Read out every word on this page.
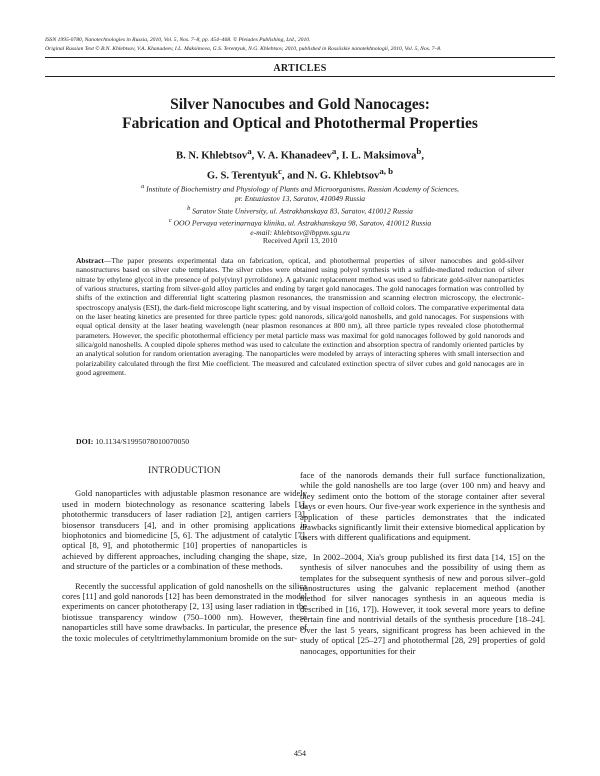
ISSN 1995-0780, Nanotechnologies in Russia, 2010, Vol. 5, Nos. 7–8, pp. 454–468. © Pleiades Publishing, Ltd., 2010.
Original Russian Text © B.N. Khlebtsov, V.A. Khanadeev, I.L. Maksimova, G.S. Terentyuk, N.G. Khlebtsov, 2010, published in Rossiiskie nanotekhnologii, 2010, Vol. 5, Nos. 7–8.
ARTICLES
Silver Nanocubes and Gold Nanocages:
Fabrication and Optical and Photothermal Properties
B. N. Khlebtsov$^a$, V. A. Khanadeev$^a$, I. L. Maksimova$^b$,
G. S. Terentyuk$^c$, and N. G. Khlebtsov$^{a, b}$
$^a$ Institute of Biochemistry and Physiology of Plants and Microorganisms, Russian Academy of Sciences,
pr. Entuziastov 13, Saratov, 410049 Russia
$^b$ Saratov State University, ul. Astrakhanskaya 83, Saratov, 410012 Russia
$^c$ OOO Pervaya veterinarnaya klinika, ul. Astrakhanskaya 98, Saratov, 410012 Russia
e-mail: khlebtsov@ibppm.sgu.ru
Received April 13, 2010
Abstract—The paper presents experimental data on fabrication, optical, and photothermal properties of silver nanocubes and gold-silver nanostructures based on silver cube templates. The silver cubes were obtained using polyol synthesis with a sulfide-mediated reduction of silver nitrate by ethylene glycol in the presence of poly(vinyl pyrrolidone). A galvanic replacement method was used to fabricate gold-silver nanoparticles of various structures, starting from silver-gold alloy particles and ending by target gold nanocages. The gold nanocages formation was controlled by shifts of the extinction and differential light scattering plasmon resonances, the transmission and scanning electron microscopy, the electronic-spectroscopy analysis (ESI), the dark-field microscope light scattering, and by visual inspection of colloid colors. The comparative experimental data on the laser heating kinetics are presented for three particle types: gold nanorods, silica/gold nanoshells, and gold nanocages. For suspensions with equal optical density at the laser heating wavelength (near plasmon resonances at 800 nm), all three particle types revealed close photothermal parameters. However, the specific photothermal efficiency per metal particle mass was maximal for gold nanocages followed by gold nanorods and silica/gold nanoshells. A coupled dipole spheres method was used to calculate the extinction and absorption spectra of randomly oriented particles by an analytical solution for random orientation averaging. The nanoparticles were modeled by arrays of interacting spheres with small intersection and polarizability calculated through the first Mie coefficient. The measured and calculated extinction spectra of silver cubes and gold nanocages are in good agreement.
DOI: 10.1134/S1995078010070050
INTRODUCTION

Gold nanoparticles with adjustable plasmon resonance are widely used in modern biotechnology as resonance scattering labels [1], photothermic transducers of laser radiation [2], antigen carriers [3], biosensor transducers [4], and in other promising applications in biophotonics and biomedicine [5, 6]. The adjustment of catalytic [7], optical [8, 9], and photothermic [10] properties of nanoparticles is achieved by different approaches, including changing the shape, size, and structure of the particles or a combination of these methods.

Recently the successful application of gold nanoshells on the silica cores [11] and gold nanorods [12] has been demonstrated in the model experiments on cancer phototherapy [2, 13] using laser radiation in the biotissue transparency window (750–1000 nm). However, these nanoparticles still have some drawbacks. In particular, the presence of the toxic molecules of cetyltrimethylammonium bromide on the sur-

face of the nanorods demands their full surface functionalization, while the gold nanoshells are too large (over 100 nm) and heavy and they sediment onto the bottom of the storage container after several days or even hours. Our five-year work experience in the synthesis and application of these particles demonstrates that the indicated drawbacks significantly limit their extensive biomedical application by users with different qualifications and equipment.

In 2002–2004, Xia's group published its first data [14, 15] on the synthesis of silver nanocubes and the possibility of using them as templates for the subsequent synthesis of new and porous silver–gold nanostructures using the galvanic replacement method (another method for silver nanocages synthesis in an aqueous media is described in [16, 17]). However, it took several more years to define certain fine and nontrivial details of the synthesis procedure [18–24]. Over the last 5 years, significant progress has been achieved in the study of optical [25–27] and photothermal [28, 29] properties of gold nanocages, opportunities for their

454
